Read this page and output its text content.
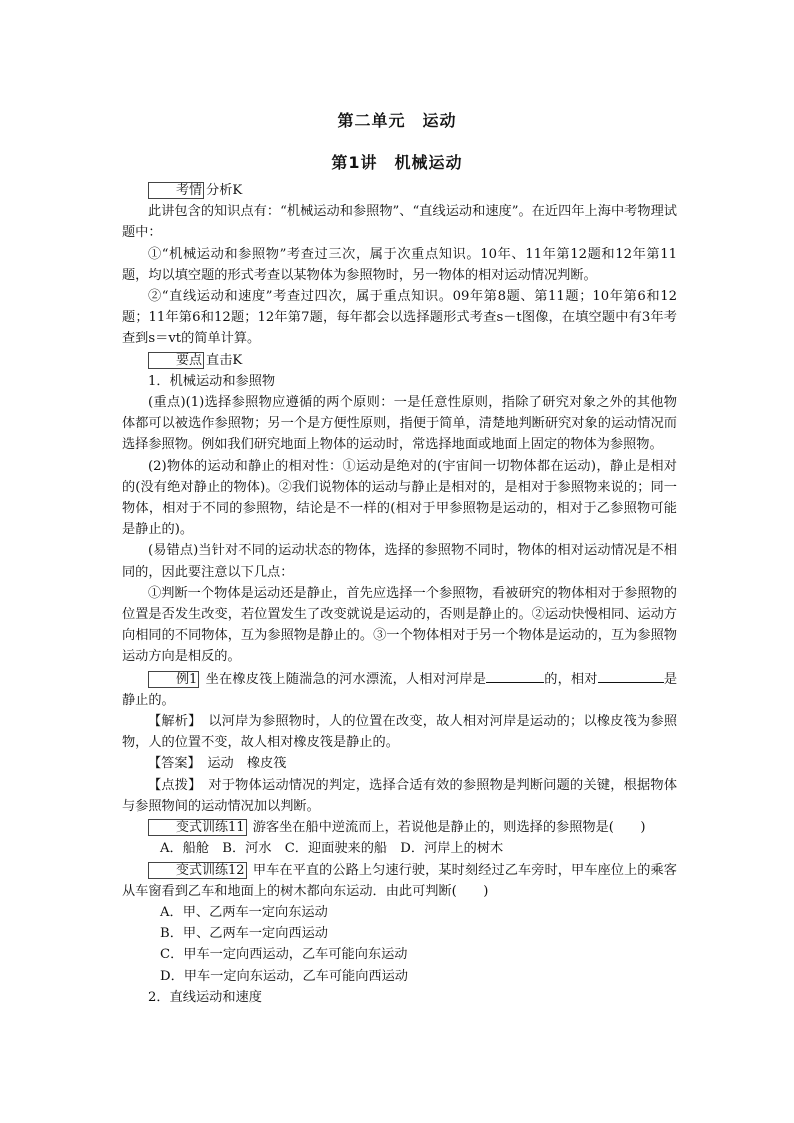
第二单元　运动
第1讲　机械运动

考情 分析K

此讲包含的知识点有：“机械运动和参照物”、“直线运动和速度”。在近四年上海中考物理试题中：

①“机械运动和参照物”考查过三次，属于次重点知识。10年、11年第12题和12年第11题，均以填空题的形式考查以某物体为参照物时，另一物体的相对运动情况判断。

②“直线运动和速度”考查过四次，属于重点知识。09年第8题、第11题；10年第6和12题；11年第6和12题；12年第7题，每年都会以选择题形式考查s－t图像，在填空题中有3年考查到s＝vt的简单计算。

要点 直击K

1．机械运动和参照物

(重点)(1)选择参照物应遵循的两个原则：一是任意性原则，指除了研究对象之外的其他物体都可以被选作参照物；另一个是方便性原则，指便于简单，清楚地判断研究对象的运动情况而选择参照物。例如我们研究地面上物体的运动时，常选择地面或地面上固定的物体为参照物。

(2)物体的运动和静止的相对性：①运动是绝对的(宇宙间一切物体都在运动)，静止是相对的(没有绝对静止的物体)。②我们说物体的运动与静止是相对的，是相对于参照物来说的；同一物体，相对于不同的参照物，结论是不一样的(相对于甲参照物是运动的，相对于乙参照物可能是静止的)。

(易错点)当针对不同的运动状态的物体，选择的参照物不同时，物体的相对运动情况是不相同的，因此要注意以下几点：

①判断一个物体是运动还是静止，首先应选择一个参照物，看被研究的物体相对于参照物的位置是否发生改变，若位置发生了改变就说是运动的，否则是静止的。②运动快慢相同、运动方向相同的不同物体，互为参照物是静止的。③一个物体相对于另一个物体是运动的，互为参照物运动方向是相反的。

例1 坐在橡皮筏上随湍急的河水漂流，人相对河岸是	的，相对	是静止的。

【解析】　 以河岸为参照物时，人的位置在改变，故人相对河岸是运动的；以橡皮筏为参照物，人的位置不变，故人相对橡皮筏是静止的。

【答案】　 运动　橡皮筏

【点拨】　 对于物体运动情况的判定，选择合适有效的参照物是判断问题的关键，根据物体与参照物间的运动情况加以判断。

变式训练11 游客坐在船中逆流而上，若说他是静止的，则选择的参照物是(　　)

A．船舱　B．河水　C．迎面驶来的船　D．河岸上的树木

变式训练12 甲车在平直的公路上匀速行驶，某时刻经过乙车旁时，甲车座位上的乘客从车窗看到乙车和地面上的树木都向东运动．由此可判断(　　)

A．甲、乙两车一定向东运动

B．甲、乙两车一定向西运动

C．甲车一定向西运动，乙车可能向东运动

D．甲车一定向东运动，乙车可能向西运动

2．直线运动和速度
